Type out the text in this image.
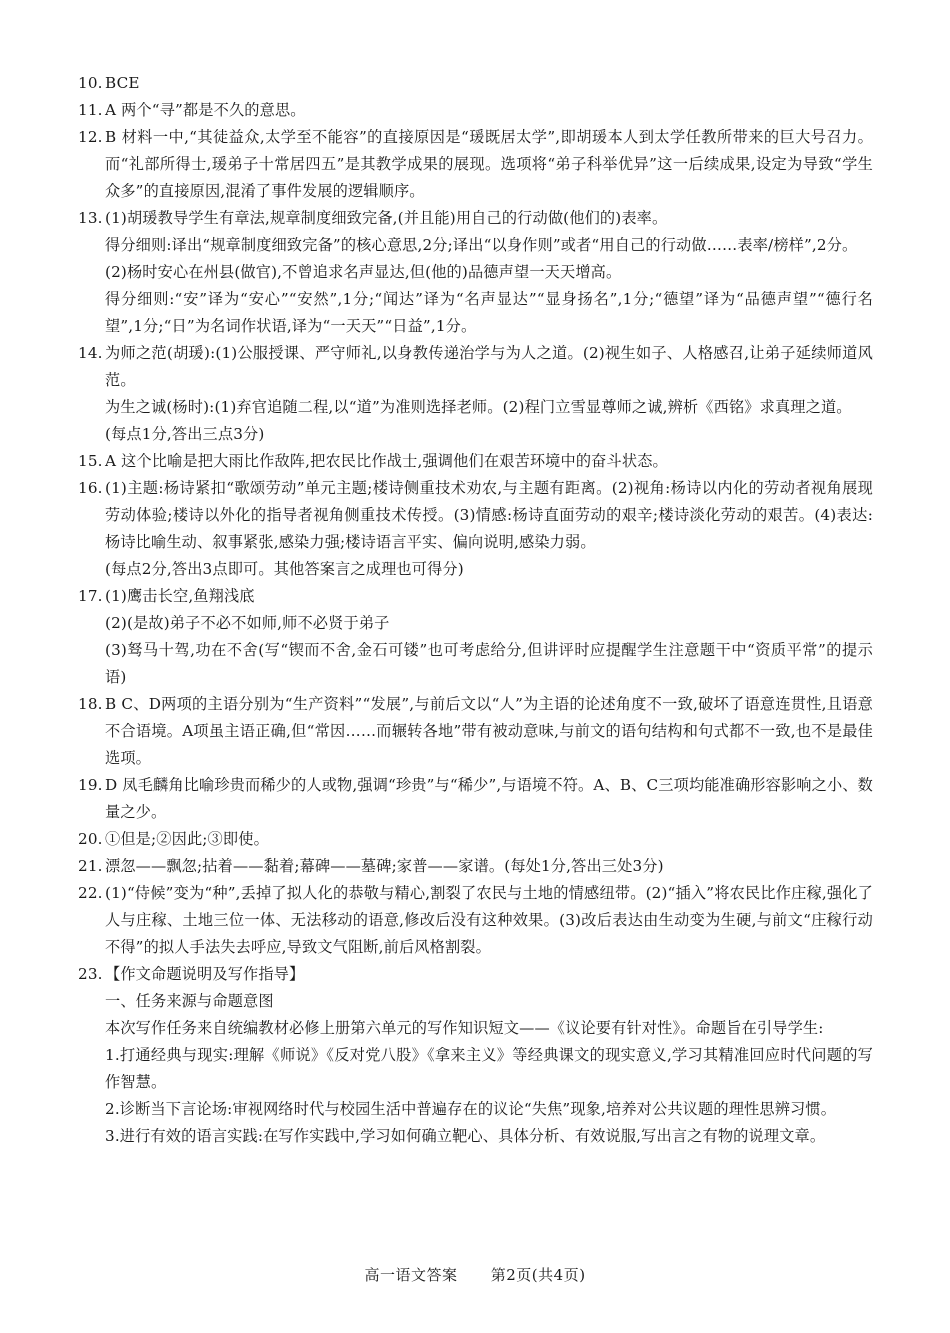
10. BCE
11. A 两个“寻”都是不久的意思。
12. B 材料一中,“其徒益众,太学至不能容”的直接原因是“瑗既居太学”,即胡瑗本人到太学任教所带来的巨大号召力。而“礼部所得士,瑗弟子十常居四五”是其教学成果的展现。选项将“弟子科举优异”这一后续成果,设定为导致“学生众多”的直接原因,混淆了事件发展的逻辑顺序。
13. (1)胡瑗教导学生有章法,规章制度细致完备,(并且能)用自己的行动做(他们的)表率。
得分细则:译出“规章制度细致完备”的核心意思,2分;译出“以身作则”或者“用自己的行动做……表率/榜样”,2分。
(2)杨时安心在州县(做官),不曾追求名声显达,但(他的)品德声望一天天增高。
得分细则:“安”译为“安心”“安然”,1分;“闻达”译为“名声显达”“显身扬名”,1分;“德望”译为“品德声望”“德行名望”,1分;“日”为名词作状语,译为“一天天”“日益”,1分。
14. 为师之范(胡瑗):(1)公服授课、严守师礼,以身教传递治学与为人之道。(2)视生如子、人格感召,让弟子延续师道风范。
为生之诚(杨时):(1)弃官追随二程,以“道”为准则选择老师。(2)程门立雪显尊师之诚,辨析《西铭》求真理之道。
(每点1分,答出三点3分)
15. A 这个比喻是把大雨比作敌阵,把农民比作战士,强调他们在艰苦环境中的奋斗状态。
16. (1)主题:杨诗紧扣“歌颂劳动”单元主题;楼诗侧重技术劝农,与主题有距离。(2)视角:杨诗以内化的劳动者视角展现劳动体验;楼诗以外化的指导者视角侧重技术传授。(3)情感:杨诗直面劳动的艰辛;楼诗淡化劳动的艰苦。(4)表达:杨诗比喻生动、叙事紧张,感染力强;楼诗语言平实、偏向说明,感染力弱。
(每点2分,答出3点即可。其他答案言之成理也可得分)
17. (1)鹰击长空,鱼翔浅底
(2)(是故)弟子不必不如师,师不必贤于弟子
(3)驽马十驾,功在不舍(写“锲而不舍,金石可镂”也可考虑给分,但讲评时应提醒学生注意题干中“资质平常”的提示语)
18. B C、D两项的主语分别为“生产资料”“发展”,与前后文以“人”为主语的论述角度不一致,破坏了语意连贯性,且语意不合语境。A项虽主语正确,但“常因……而辗转各地”带有被动意味,与前文的语句结构和句式都不一致,也不是最佳选项。
19. D 凤毛麟角比喻珍贵而稀少的人或物,强调“珍贵”与“稀少”,与语境不符。A、B、C三项均能准确形容影响之小、数量之少。
20. ①但是;②因此;③即使。
21. 漂忽——飘忽;拈着——黏着;幕碑——墓碑;家普——家谱。(每处1分,答出三处3分)
22. (1)“侍候”变为“种”,丢掉了拟人化的恭敬与精心,割裂了农民与土地的情感纽带。(2)“插入”将农民比作庄稼,强化了人与庄稼、土地三位一体、无法移动的语意,修改后没有这种效果。(3)改后表达由生动变为生硬,与前文“庄稼行动不得”的拟人手法失去呼应,导致文气阻断,前后风格割裂。
23. 【作文命题说明及写作指导】
一、任务来源与命题意图
本次写作任务来自统编教材必修上册第六单元的写作知识短文——《议论要有针对性》。命题旨在引导学生:
1.打通经典与现实:理解《师说》《反对党八股》《拿来主义》等经典课文的现实意义,学习其精准回应时代问题的写作智慧。
2.诊断当下言论场:审视网络时代与校园生活中普遍存在的议论“失焦”现象,培养对公共议题的理性思辨习惯。
3.进行有效的语言实践:在写作实践中,学习如何确立靶心、具体分析、有效说服,写出言之有物的说理文章。
高一语文答案 第2页(共4页)
